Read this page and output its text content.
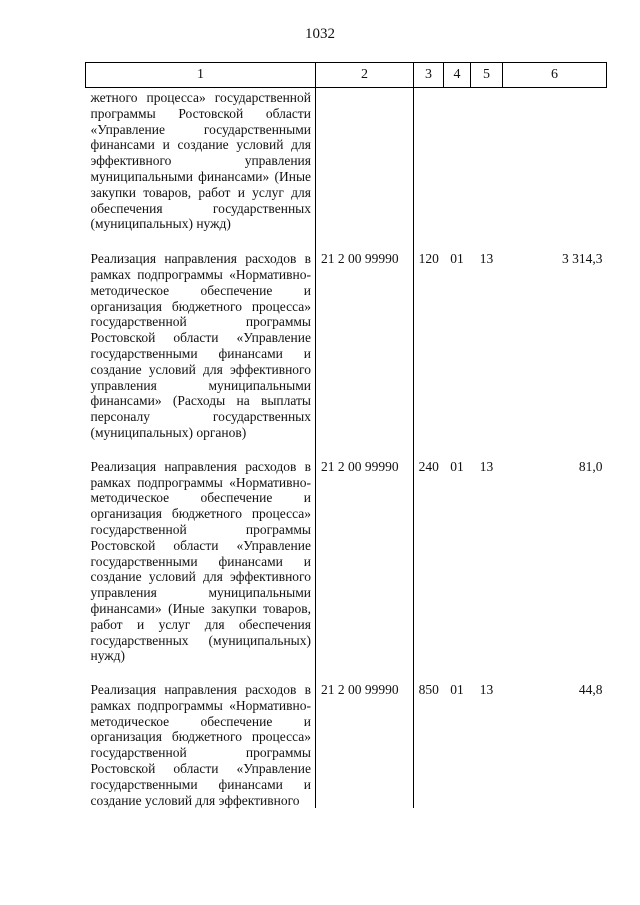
1032
1	2	3	4	5	6
жетного процесса» государственной программы Ростовской области «Управление государственными финансами и создание условий для эффективного управления муниципальными финансами» (Иные закупки товаров, работ и услуг для обеспечения государственных (муниципальных) нужд)					
Реализация направления расходов в рамках подпрограммы «Нормативно-методическое обеспечение и организация бюджетного процесса» государственной программы Ростовской области «Управление государственными финансами и создание условий для эффективного управления муниципальными финансами» (Расходы на выплаты персоналу государственных (муниципальных) органов)	21 2 00 99990	120	01	13	3 314,3
Реализация направления расходов в рамках подпрограммы «Нормативно-методическое обеспечение и организация бюджетного процесса» государственной программы Ростовской области «Управление государственными финансами и создание условий для эффективного управления муниципальными финансами» (Иные закупки товаров, работ и услуг для обеспечения государственных (муниципальных) нужд)	21 2 00 99990	240	01	13	81,0
Реализация направления расходов в рамках подпрограммы «Нормативно-методическое обеспечение и организация бюджетного процесса» государственной программы Ростовской области «Управление государственными финансами и создание условий для эффективного	21 2 00 99990	850	01	13	44,8
